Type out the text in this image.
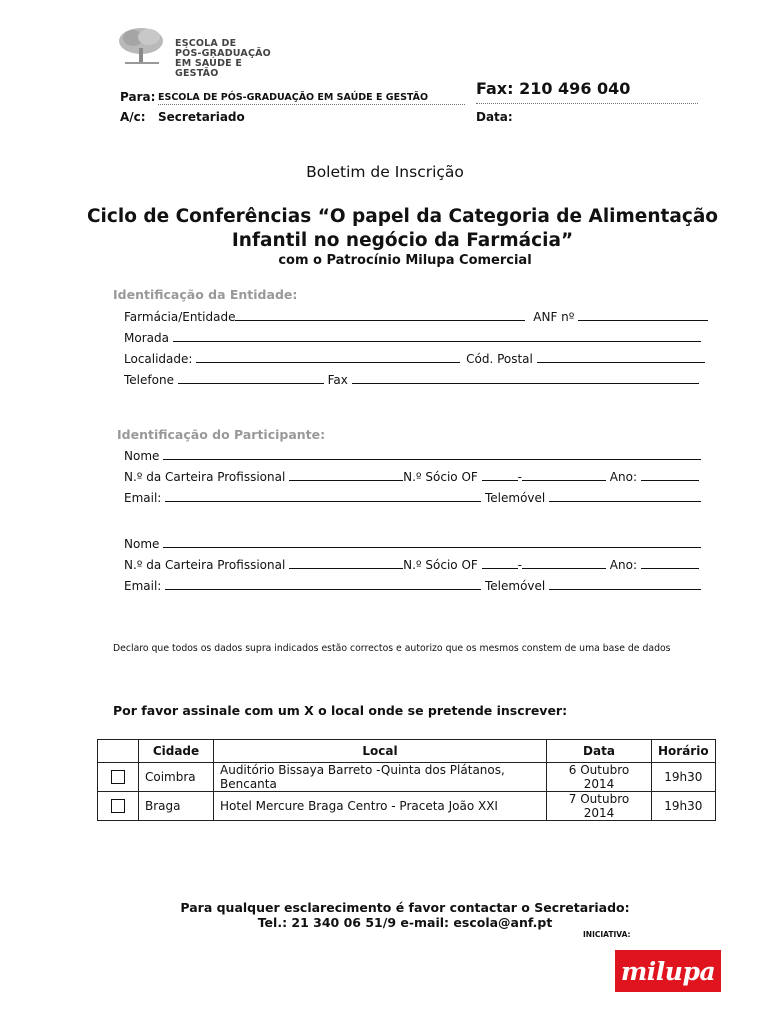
ESCOLA DE
PÓS-GRADUAÇÃO
EM SAÚDE E GESTÃO
Para: ESCOLA DE PÓS-GRADUAÇÃO EM SAÚDE E GESTÃO
A/c: Secretariado
Fax: 210 496 040
Data:
Boletim de Inscrição
Ciclo de Conferências “O papel da Categoria de Alimentação
Infantil no negócio da Farmácia”
com o Patrocínio Milupa Comercial
Identificação da Entidade:
Farmácia/Entidade	ANF nº
Morada
Localidade:	Cód. Postal
Telefone	Fax
Identificação do Participante:
Nome
N.º da Carteira Profissional	N.º Sócio OF	-	Ano:
Email:	Telemóvel
Nome
N.º da Carteira Profissional	N.º Sócio OF	-	Ano:
Email:	Telemóvel
Declaro que todos os dados supra indicados estão correctos e autorizo que os mesmos constem de uma base de dados
Por favor assinale com um X o local onde se pretende inscrever:
	Cidade	Local	Data	Horário
	Coimbra	Auditório Bissaya Barreto -Quinta dos Plátanos, Bencanta	6 Outubro 2014	19h30
	Braga	Hotel Mercure Braga Centro - Praceta João XXI	7 Outubro 2014	19h30
Para qualquer esclarecimento é favor contactar o Secretariado:
Tel.: 21 340 06 51/9 e-mail: escola@anf.pt
INICIATIVA:
milupa
